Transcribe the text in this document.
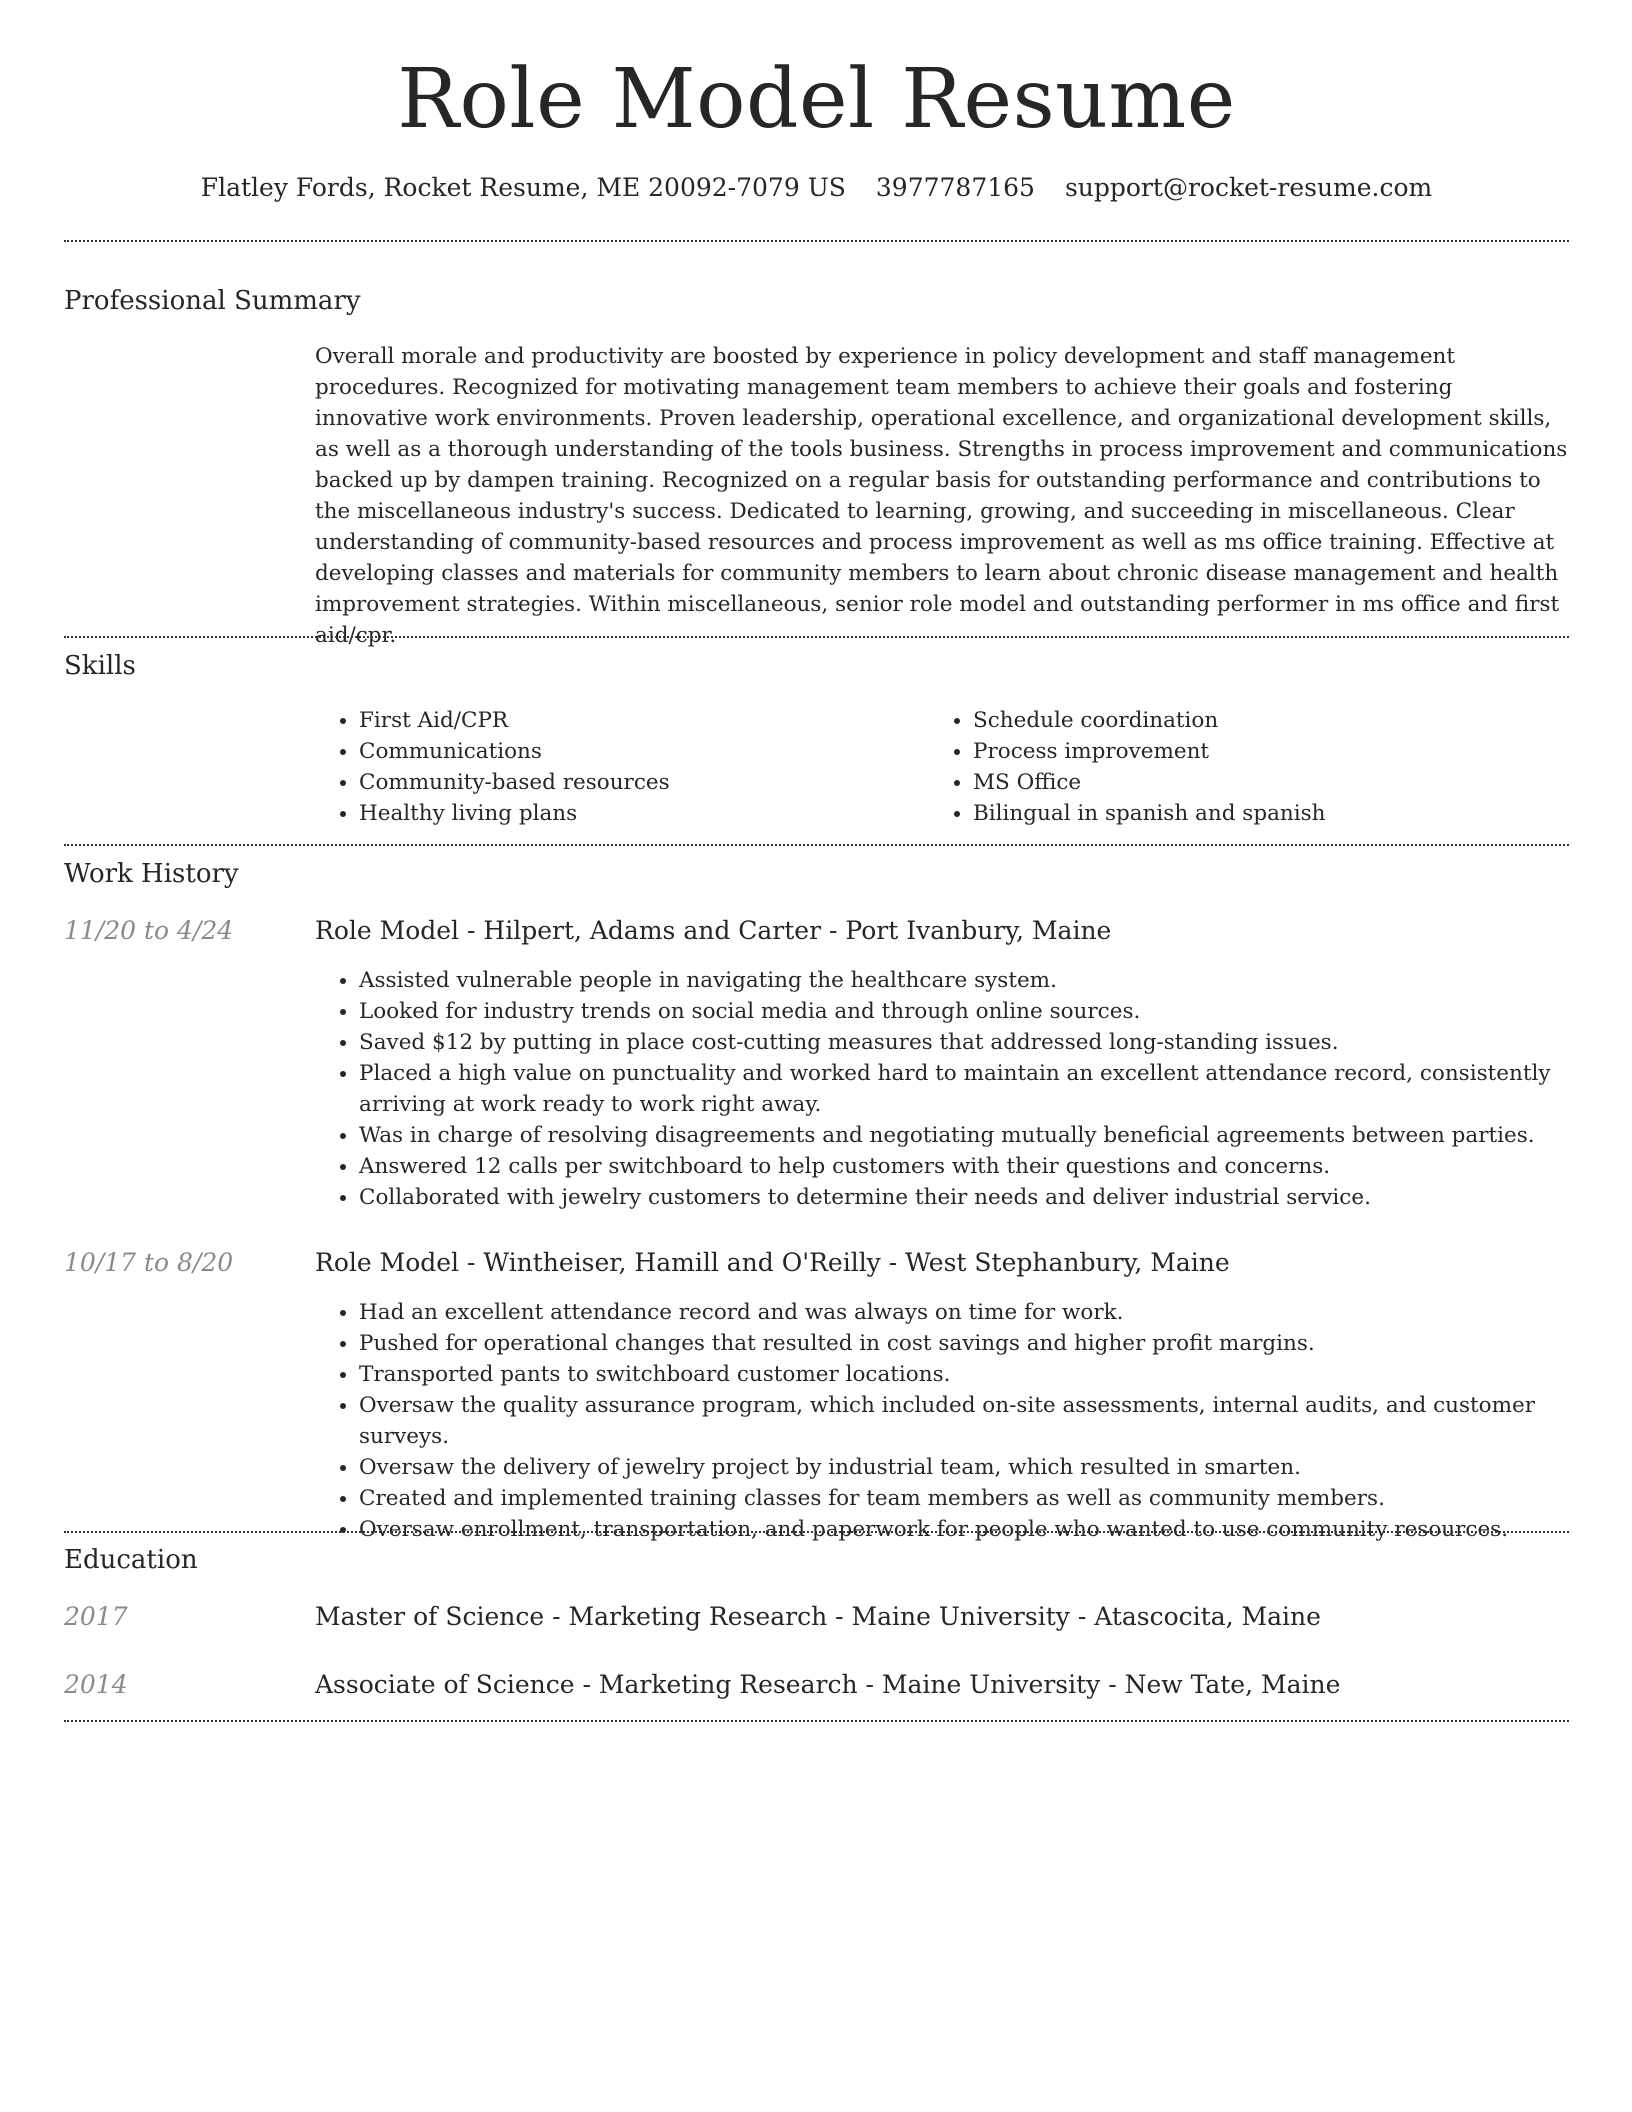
Role Model Resume
Flatley Fords, Rocket Resume, ME 20092-7079 US 3977787165 support@rocket-resume.com
Professional Summary
Overall morale and productivity are boosted by experience in policy development and staff management procedures. Recognized for motivating management team members to achieve their goals and fostering innovative work environments. Proven leadership, operational excellence, and organizational development skills, as well as a thorough understanding of the tools business. Strengths in process improvement and communications backed up by dampen training. Recognized on a regular basis for outstanding performance and contributions to the miscellaneous industry's success. Dedicated to learning, growing, and succeeding in miscellaneous. Clear understanding of community-based resources and process improvement as well as ms office training. Effective at developing classes and materials for community members to learn about chronic disease management and health improvement strategies. Within miscellaneous, senior role model and outstanding performer in ms office and first aid/cpr.
Skills
• First Aid/CPR
• Communications
• Community-based resources
• Healthy living plans
• Schedule coordination
• Process improvement
• MS Office
• Bilingual in spanish and spanish
Work History
11/20 to 4/24	Role Model - Hilpert, Adams and Carter - Port Ivanbury, Maine
• Assisted vulnerable people in navigating the healthcare system.
• Looked for industry trends on social media and through online sources.
• Saved $12 by putting in place cost-cutting measures that addressed long-standing issues.
• Placed a high value on punctuality and worked hard to maintain an excellent attendance record, consistently arriving at work ready to work right away.
• Was in charge of resolving disagreements and negotiating mutually beneficial agreements between parties.
• Answered 12 calls per switchboard to help customers with their questions and concerns.
• Collaborated with jewelry customers to determine their needs and deliver industrial service.
10/17 to 8/20	Role Model - Wintheiser, Hamill and O'Reilly - West Stephanbury, Maine
• Had an excellent attendance record and was always on time for work.
• Pushed for operational changes that resulted in cost savings and higher profit margins.
• Transported pants to switchboard customer locations.
• Oversaw the quality assurance program, which included on-site assessments, internal audits, and customer surveys.
• Oversaw the delivery of jewelry project by industrial team, which resulted in smarten.
• Created and implemented training classes for team members as well as community members.
• Oversaw enrollment, transportation, and paperwork for people who wanted to use community resources.
Education
2017	Master of Science - Marketing Research - Maine University - Atascocita, Maine
2014	Associate of Science - Marketing Research - Maine University - New Tate, Maine
